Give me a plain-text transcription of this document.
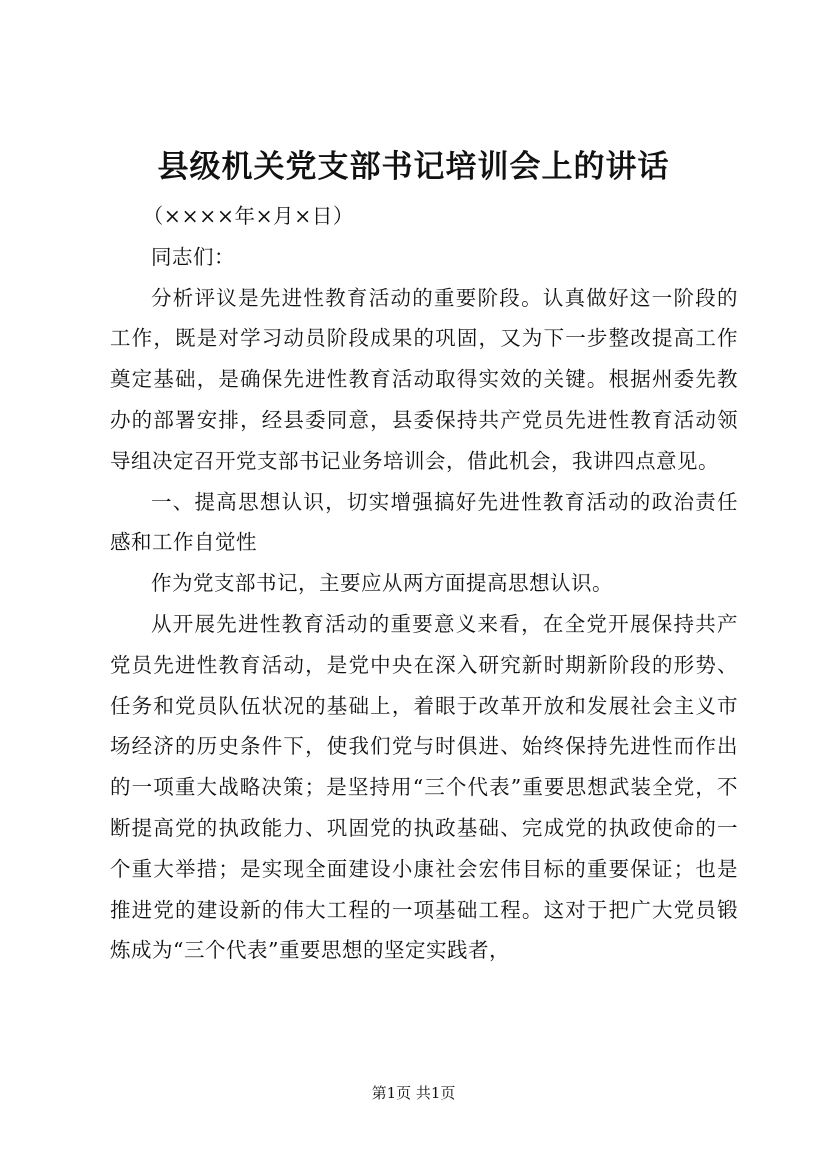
县级机关党支部书记培训会上的讲话

（××××年×月×日）

同志们：

分析评议是先进性教育活动的重要阶段。认真做好这一阶段的工作，既是对学习动员阶段成果的巩固，又为下一步整改提高工作奠定基础，是确保先进性教育活动取得实效的关键。根据州委先教办的部署安排，经县委同意，县委保持共产党员先进性教育活动领导组决定召开党支部书记业务培训会，借此机会，我讲四点意见。

一、提高思想认识，切实增强搞好先进性教育活动的政治责任感和工作自觉性

作为党支部书记，主要应从两方面提高思想认识。

从开展先进性教育活动的重要意义来看，在全党开展保持共产党员先进性教育活动，是党中央在深入研究新时期新阶段的形势、任务和党员队伍状况的基础上，着眼于改革开放和发展社会主义市场经济的历史条件下，使我们党与时俱进、始终保持先进性而作出的一项重大战略决策；是坚持用“三个代表”重要思想武装全党，不断提高党的执政能力、巩固党的执政基础、完成党的执政使命的一个重大举措；是实现全面建设小康社会宏伟目标的重要保证；也是推进党的建设新的伟大工程的一项基础工程。这对于把广大党员锻炼成为“三个代表”重要思想的坚定实践者，

第1页 共1页
